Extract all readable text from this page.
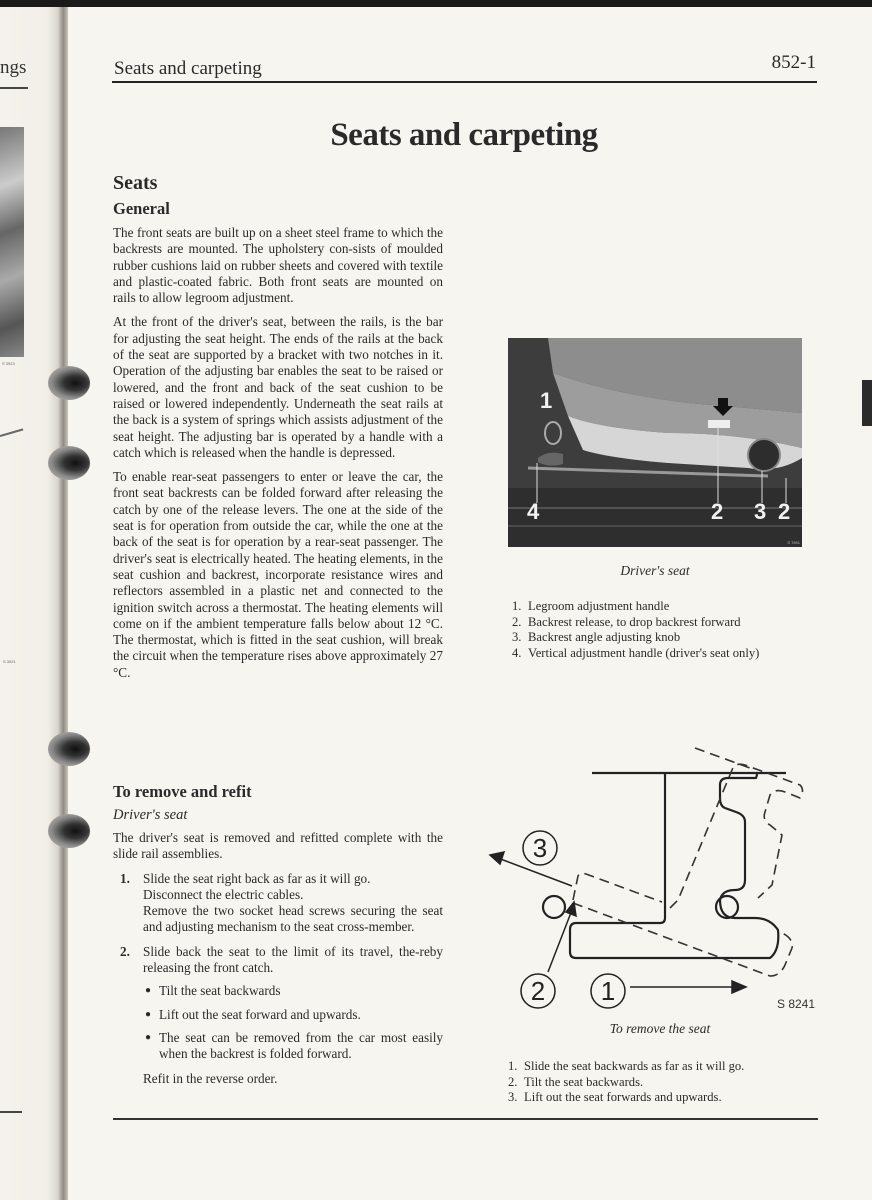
ngs
S 3923
S 3921
Seats and carpeting	852-1
Seats and carpeting
Seats
General

The front seats are built up on a sheet steel frame to which the backrests are mounted. The upholstery con-sists of moulded rubber cushions laid on rubber sheets and covered with textile and plastic-coated fabric. Both front seats are mounted on rails to allow legroom adjustment.

At the front of the driver's seat, between the rails, is the bar for adjusting the seat height. The ends of the rails at the back of the seat are supported by a bracket with two notches in it. Operation of the adjusting bar enables the seat to be raised or lowered, and the front and back of the seat cushion to be raised or lowered independently. Underneath the seat rails at the back is a system of springs which assists adjustment of the seat height. The adjusting bar is operated by a handle with a catch which is released when the handle is depressed.

To enable rear-seat passengers to enter or leave the car, the front seat backrests can be folded forward after releasing the catch by one of the release levers. The one at the side of the seat is for operation from outside the car, while the one at the back of the seat is for operation by a rear-seat passenger. The driver's seat is electrically heated. The heating elements, in the seat cushion and backrest, incorporate resistance wires and reflectors assembled in a plastic net and connected to the ignition switch across a thermostat. The heating elements will come on if the ambient temperature falls below about 12 °C. The thermostat, which is fitted in the seat cushion, will break the circuit when the temperature rises above approximately 27 °C.

To remove and refit
Driver's seat

The driver's seat is removed and refitted complete with the slide rail assemblies.

1. Slide the seat right back as far as it will go.
Disconnect the electric cables.
Remove the two socket head screws securing the seat and adjusting mechanism to the seat cross-member.
2. Slide back the seat to the limit of its travel, the-reby releasing the front catch.
● Tilt the seat backwards
● Lift out the seat forward and upwards.
● The seat can be removed from the car most easily when the backrest is folded forward.

Refit in the reverse order.

1
4	2 3 2
S 7891
Driver's seat
1. Legroom adjustment handle
2. Backrest release, to drop backrest forward
3. Backrest angle adjusting knob
4. Vertical adjustment handle (driver's seat only)
3
2 1	S 8241
To remove the seat
1. Slide the seat backwards as far as it will go.
2. Tilt the seat backwards.
3. Lift out the seat forwards and upwards.
